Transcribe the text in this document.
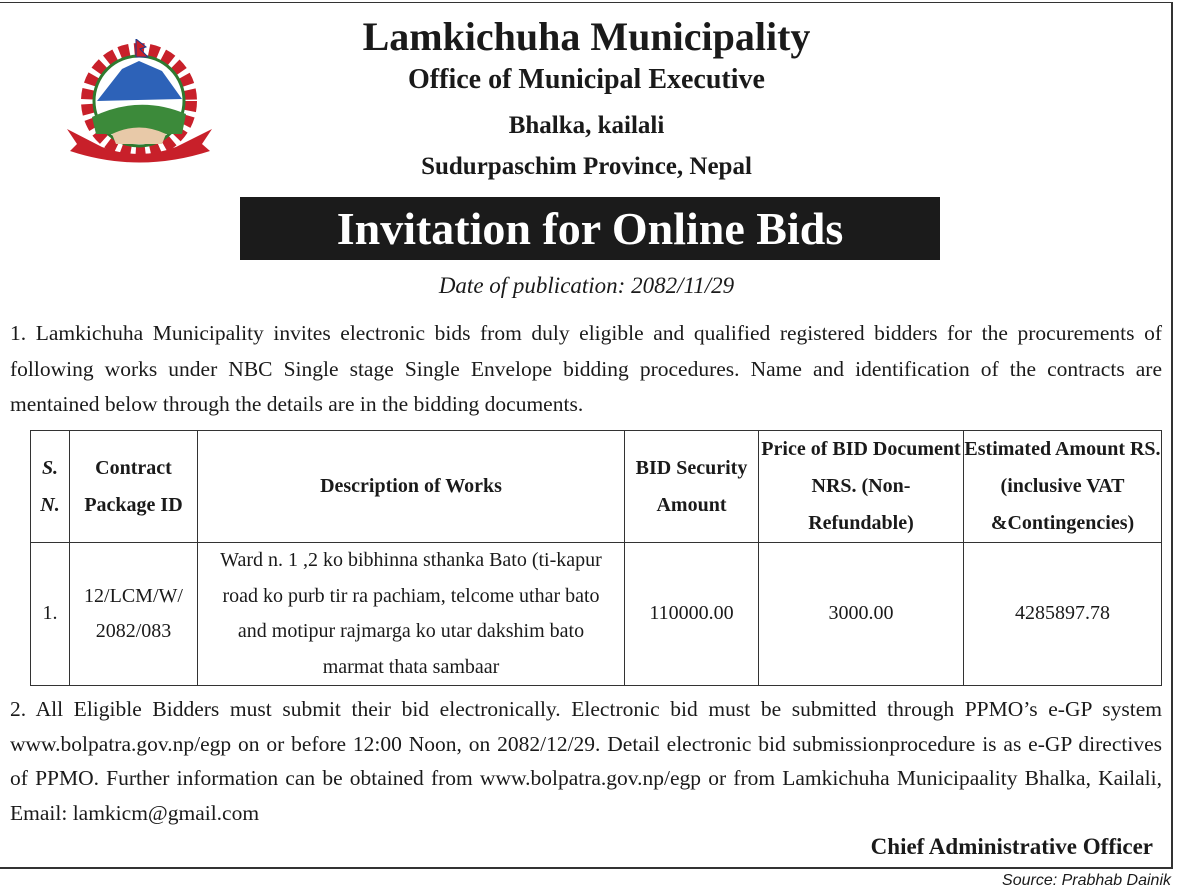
Lamkichuha Municipality
Office of Municipal Executive
Bhalka, kailali
Sudurpaschim Province, Nepal
Invitation for Online Bids
Date of publication: 2082/11/29
1. Lamkichuha Municipality invites electronic bids from duly eligible and qualified registered bidders for the procurements of following works under NBC Single stage Single Envelope bidding procedures. Name and identification of the contracts are mentained below through the details are in the bidding documents.
S. N.	Contract Package ID	Description of Works	BID Security Amount	Price of BID Document NRS. (Non-Refundable)	Estimated Amount RS.(inclusive VAT &Contingencies)
1.	12/LCM/W/ 2082/083	Ward n. 1 ,2 ko bibhinna sthanka Bato (ti-kapur road ko purb tir ra pachiam, telcome uthar bato and motipur rajmarga ko utar dakshim bato marmat thata sambaar	110000.00	3000.00	4285897.78
2. All Eligible Bidders must submit their bid electronically. Electronic bid must be submitted through PPMO’s e-GP system www.bolpatra.gov.np/egp on or before 12:00 Noon, on 2082/12/29. Detail electronic bid submissionprocedure is as e-GP directives of PPMO. Further information can be obtained from www.bolpatra.gov.np/egp or from Lamkichuha Municipaality Bhalka, Kailali, Email: lamkicm@gmail.com
Chief Administrative Officer
Source: Prabhab Dainik
